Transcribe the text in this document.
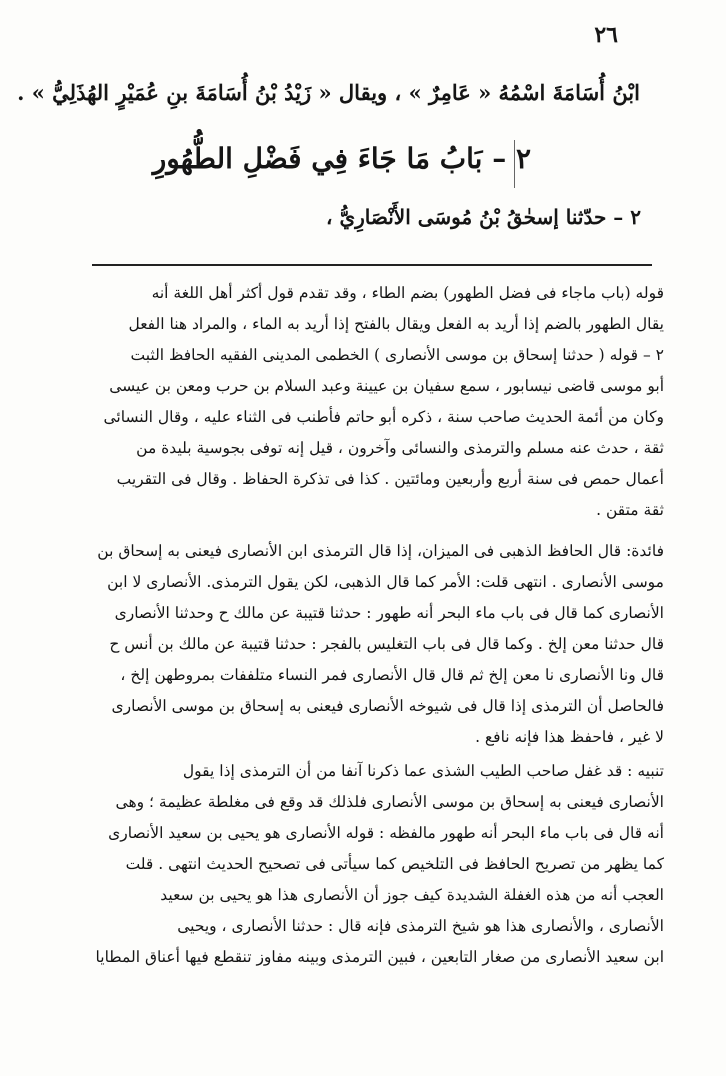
٢٦
ابْنُ أُسَامَةَ اسْمُهُ « عَامِرٌ » ، ويقال « زَيْدُ بْنُ أُسَامَةَ بنِ عُمَيْرٍ الهُذَلِيُّ » .
٢ – بَابُ مَا جَاءَ فِي فَضْلِ الطُّهُورِ
٢ – حدّثنا إسحٰقُ بْنُ مُوسَى الأَنْصَارِيُّ ،
قوله (باب ماجاء فى فضل الطهور) بضم الطاء ، وقد تقدم قول أكثر أهل اللغة أنه
يقال الطهور بالضم إذا أريد به الفعل ويقال بالفتح إذا أريد به الماء ، والمراد هنا الفعل
٢ – قوله ( حدثنا إسحاق بن موسى الأنصارى ) الخطمى المدينى الفقيه الحافظ الثبت
أبو موسى قاضى نيسابور ، سمع سفيان بن عيينة وعبد السلام بن حرب ومعن بن عيسى
وكان من أئمة الحديث صاحب سنة ، ذكره أبو حاتم فأطنب فى الثناء عليه ، وقال النسائى
ثقة ، حدث عنه مسلم والترمذى والنسائى وآخرون ، قيل إنه توفى بجوسية بليدة من
أعمال حمص فى سنة أربع وأربعين ومائتين . كذا فى تذكرة الحفاظ . وقال فى التقريب
ثقة متقن .
فائدة: قال الحافظ الذهبى فى الميزان، إذا قال الترمذى ابن الأنصارى فيعنى به إسحاق بن
موسى الأنصارى . انتهى قلت: الأمر كما قال الذهبى، لكن يقول الترمذى. الأنصارى لا ابن
الأنصارى كما قال فى باب ماء البحر أنه طهور : حدثنا قتيبة عن مالك ح وحدثنا الأنصارى
قال حدثنا معن إلخ . وكما قال فى باب التغليس بالفجر : حدثنا قتيبة عن مالك بن أنس ح
قال ونا الأنصارى نا معن إلخ ثم قال قال الأنصارى فمر النساء متلففات بمروطهن إلخ ،
فالحاصل أن الترمذى إذا قال فى شيوخه الأنصارى فيعنى به إسحاق بن موسى الأنصارى
لا غير ، فاحفظ هذا فإنه نافع .
تنبيه : قد غفل صاحب الطيب الشذى عما ذكرنا آنفا من أن الترمذى إذا يقول
الأنصارى فيعنى به إسحاق بن موسى الأنصارى فلذلك قد وقع فى مغلطة عظيمة ؛ وهى
أنه قال فى باب ماء البحر أنه طهور مالفظه : قوله الأنصارى هو يحيى بن سعيد الأنصارى
كما يظهر من تصريح الحافظ فى التلخيص كما سيأتى فى تصحيح الحديث انتهى . قلت
العجب أنه من هذه الغفلة الشديدة كيف جوز أن الأنصارى هذا هو يحيى بن سعيد
الأنصارى ، والأنصارى هذا هو شيخ الترمذى فإنه قال : حدثنا الأنصارى ، ويحيى
ابن سعيد الأنصارى من صغار التابعين ، فبين الترمذى وبينه مفاوز تنقطع فيها أعناق المطايا
